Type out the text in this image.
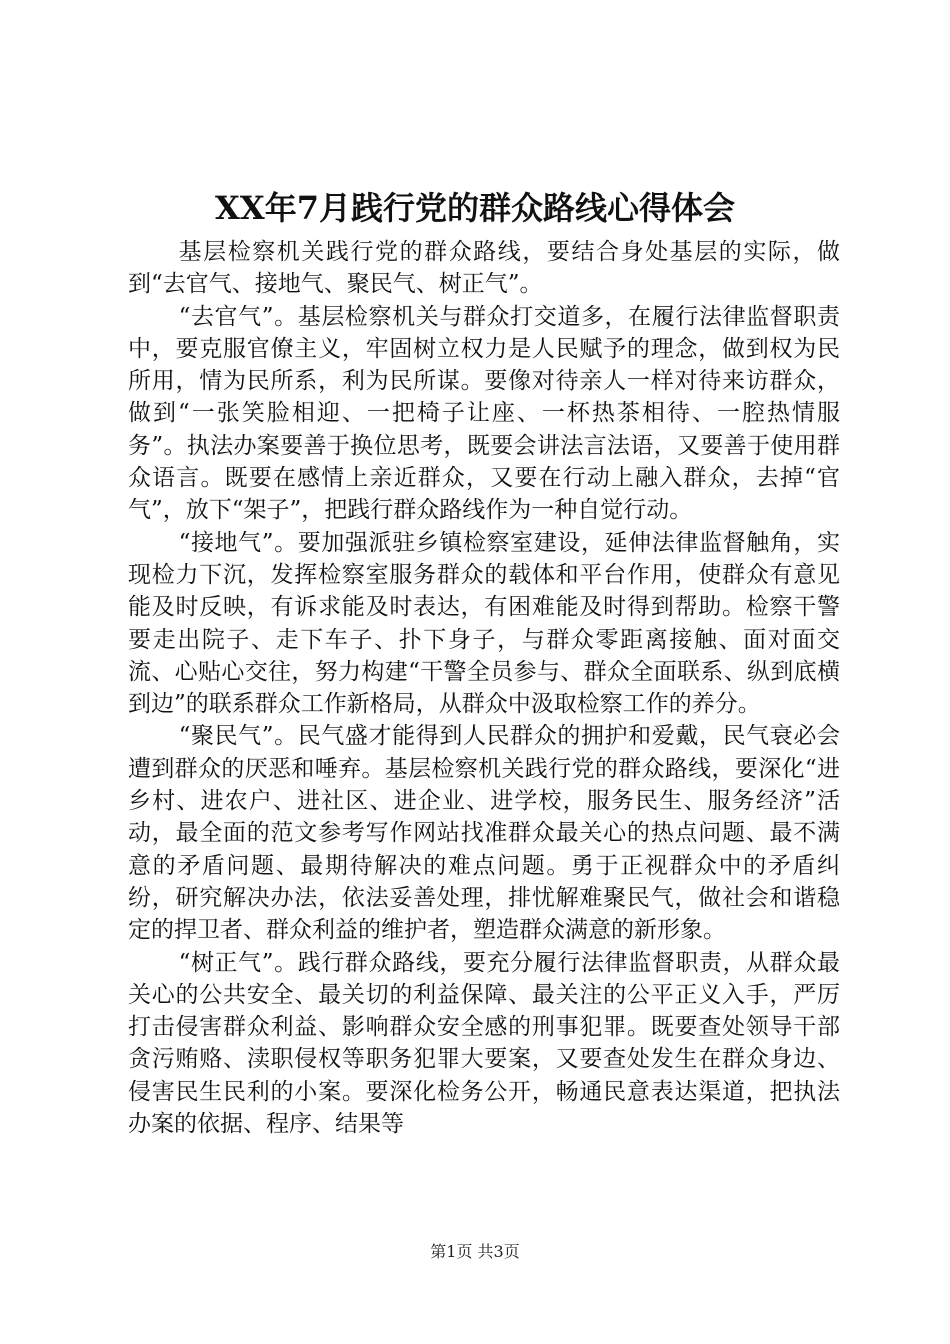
XX年7月践行党的群众路线心得体会

基层检察机关践行党的群众路线，要结合身处基层的实际，做到“去官气、接地气、聚民气、树正气”。

“去官气”。基层检察机关与群众打交道多，在履行法律监督职责中，要克服官僚主义，牢固树立权力是人民赋予的理念，做到权为民所用，情为民所系，利为民所谋。要像对待亲人一样对待来访群众，做到“一张笑脸相迎、一把椅子让座、一杯热茶相待、一腔热情服务”。执法办案要善于换位思考，既要会讲法言法语，又要善于使用群众语言。既要在感情上亲近群众，又要在行动上融入群众，去掉“官气”，放下“架子”，把践行群众路线作为一种自觉行动。

“接地气”。要加强派驻乡镇检察室建设，延伸法律监督触角，实现检力下沉，发挥检察室服务群众的载体和平台作用，使群众有意见能及时反映，有诉求能及时表达，有困难能及时得到帮助。检察干警要走出院子、走下车子、扑下身子，与群众零距离接触、面对面交流、心贴心交往，努力构建“干警全员参与、群众全面联系、纵到底横到边”的联系群众工作新格局，从群众中汲取检察工作的养分。

“聚民气”。民气盛才能得到人民群众的拥护和爱戴，民气衰必会遭到群众的厌恶和唾弃。基层检察机关践行党的群众路线，要深化“进乡村、进农户、进社区、进企业、进学校，服务民生、服务经济”活动，最全面的范文参考写作网站找准群众最关心的热点问题、最不满意的矛盾问题、最期待解决的难点问题。勇于正视群众中的矛盾纠纷，研究解决办法，依法妥善处理，排忧解难聚民气，做社会和谐稳定的捍卫者、群众利益的维护者，塑造群众满意的新形象。

“树正气”。践行群众路线，要充分履行法律监督职责，从群众最关心的公共安全、最关切的利益保障、最关注的公平正义入手，严厉打击侵害群众利益、影响群众安全感的刑事犯罪。既要查处领导干部贪污贿赂、渎职侵权等职务犯罪大要案，又要查处发生在群众身边、侵害民生民利的小案。要深化检务公开，畅通民意表达渠道，把执法办案的依据、程序、结果等

第1页 共3页
